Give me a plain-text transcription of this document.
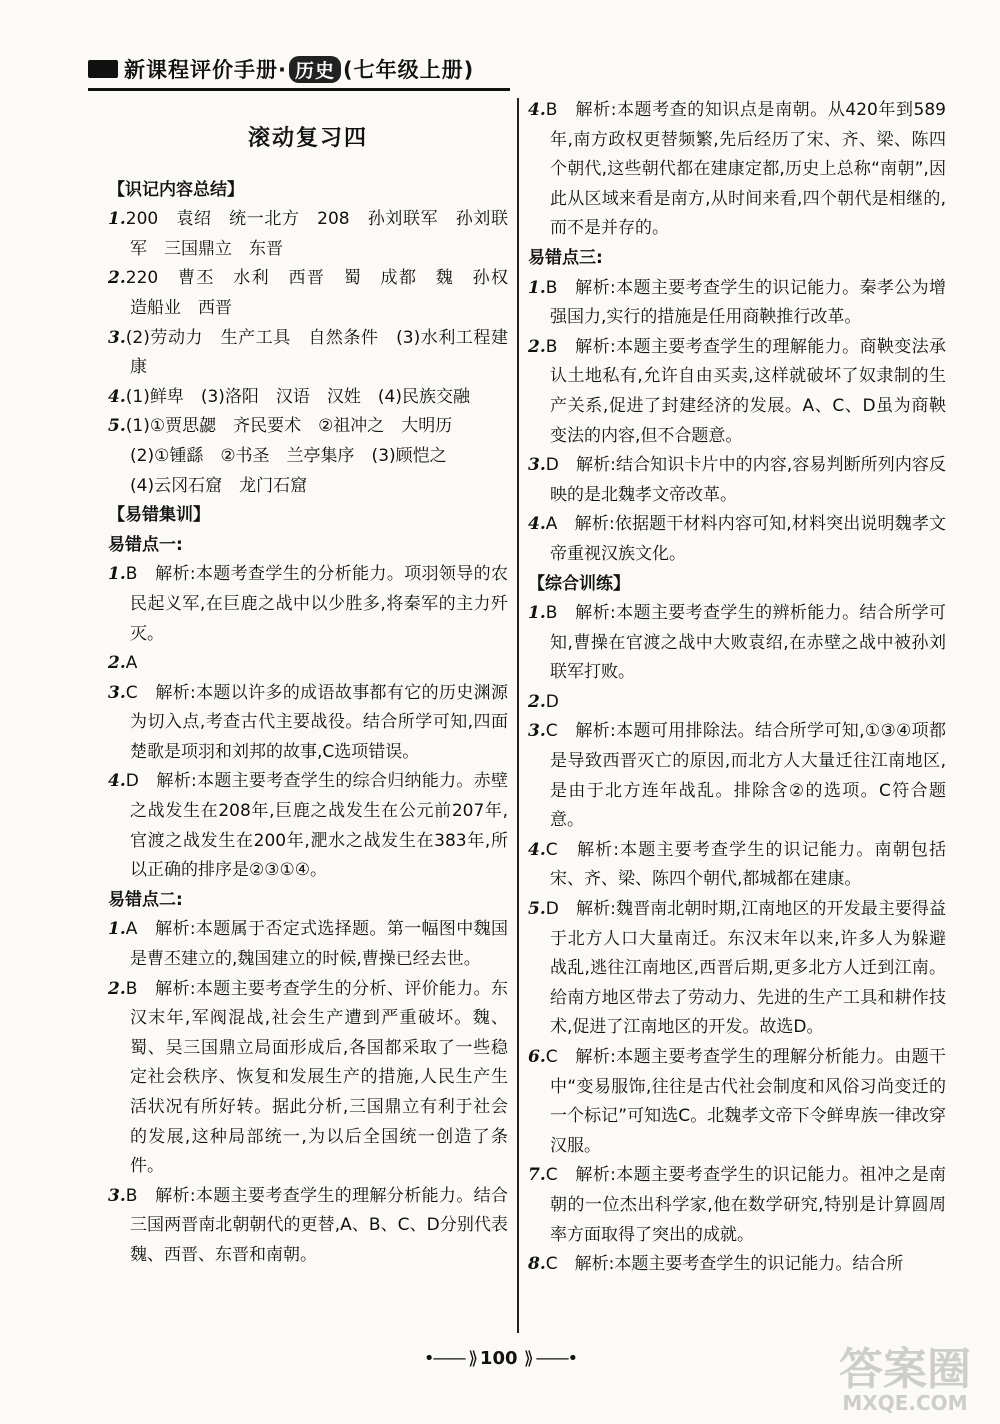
新课程评价手册· 历史 (七年级上册)
滚动复习四
【识记内容总结】
1.200　袁绍　统一北方　208　孙刘联军　孙刘联军　三国鼎立　东晋
2.220　曹丕　水利　西晋　蜀　成都　魏　孙权　造船业　西晋
3.(2)劳动力　生产工具　自然条件　(3)水利工程建康
4.(1)鲜卑　(3)洛阳　汉语　汉姓　(4)民族交融
5.(1)①贾思勰　齐民要术　②祖冲之　大明历
(2)①锺繇　②书圣　兰亭集序　(3)顾恺之
(4)云冈石窟　龙门石窟
【易错集训】
易错点一:
1.B　解析:本题考查学生的分析能力。项羽领导的农民起义军,在巨鹿之战中以少胜多,将秦军的主力歼灭。
2.A
3.C　解析:本题以许多的成语故事都有它的历史渊源为切入点,考查古代主要战役。结合所学可知,四面楚歌是项羽和刘邦的故事,C选项错误。
4.D　解析:本题主要考查学生的综合归纳能力。赤壁之战发生在208年,巨鹿之战发生在公元前207年,官渡之战发生在200年,淝水之战发生在383年,所以正确的排序是②③①④。
易错点二:
1.A　解析:本题属于否定式选择题。第一幅图中魏国是曹丕建立的,魏国建立的时候,曹操已经去世。
2.B　解析:本题主要考查学生的分析、评价能力。东汉末年,军阀混战,社会生产遭到严重破坏。魏、蜀、吴三国鼎立局面形成后,各国都采取了一些稳定社会秩序、恢复和发展生产的措施,人民生产生活状况有所好转。据此分析,三国鼎立有利于社会的发展,这种局部统一,为以后全国统一创造了条件。
3.B　解析:本题主要考查学生的理解分析能力。结合三国两晋南北朝朝代的更替,A、B、C、D分别代表魏、西晋、东晋和南朝。
4.B　解析:本题考查的知识点是南朝。从420年到589年,南方政权更替频繁,先后经历了宋、齐、梁、陈四个朝代,这些朝代都在建康定都,历史上总称“南朝”,因此从区域来看是南方,从时间来看,四个朝代是相继的,而不是并存的。
易错点三:
1.B　解析:本题主要考查学生的识记能力。秦孝公为增强国力,实行的措施是任用商鞅推行改革。
2.B　解析:本题主要考查学生的理解能力。商鞅变法承认土地私有,允许自由买卖,这样就破坏了奴隶制的生产关系,促进了封建经济的发展。A、C、D虽为商鞅变法的内容,但不合题意。
3.D　解析:结合知识卡片中的内容,容易判断所列内容反映的是北魏孝文帝改革。
4.A　解析:依据题干材料内容可知,材料突出说明魏孝文帝重视汉族文化。
【综合训练】
1.B　解析:本题主要考查学生的辨析能力。结合所学可知,曹操在官渡之战中大败袁绍,在赤壁之战中被孙刘联军打败。
2.D
3.C　解析:本题可用排除法。结合所学可知,①③④项都是导致西晋灭亡的原因,而北方人大量迁往江南地区,是由于北方连年战乱。排除含②的选项。C符合题意。
4.C　解析:本题主要考查学生的识记能力。南朝包括宋、齐、梁、陈四个朝代,都城都在建康。
5.D　解析:魏晋南北朝时期,江南地区的开发最主要得益于北方人口大量南迁。东汉末年以来,许多人为躲避战乱,逃往江南地区,西晋后期,更多北方人迁到江南。给南方地区带去了劳动力、先进的生产工具和耕作技术,促进了江南地区的开发。故选D。
6.C　解析:本题主要考查学生的理解分析能力。由题干中“变易服饰,往往是古代社会制度和风俗习尚变迁的一个标记”可知选C。北魏孝文帝下令鲜卑族一律改穿汉服。
7.C　解析:本题主要考查学生的识记能力。祖冲之是南朝的一位杰出科学家,他在数学研究,特别是计算圆周率方面取得了突出的成就。
8.C　解析:本题主要考查学生的识记能力。结合所
•—— ⟫ 100 ⟫ ——•	答案圈
MXQE.COM
